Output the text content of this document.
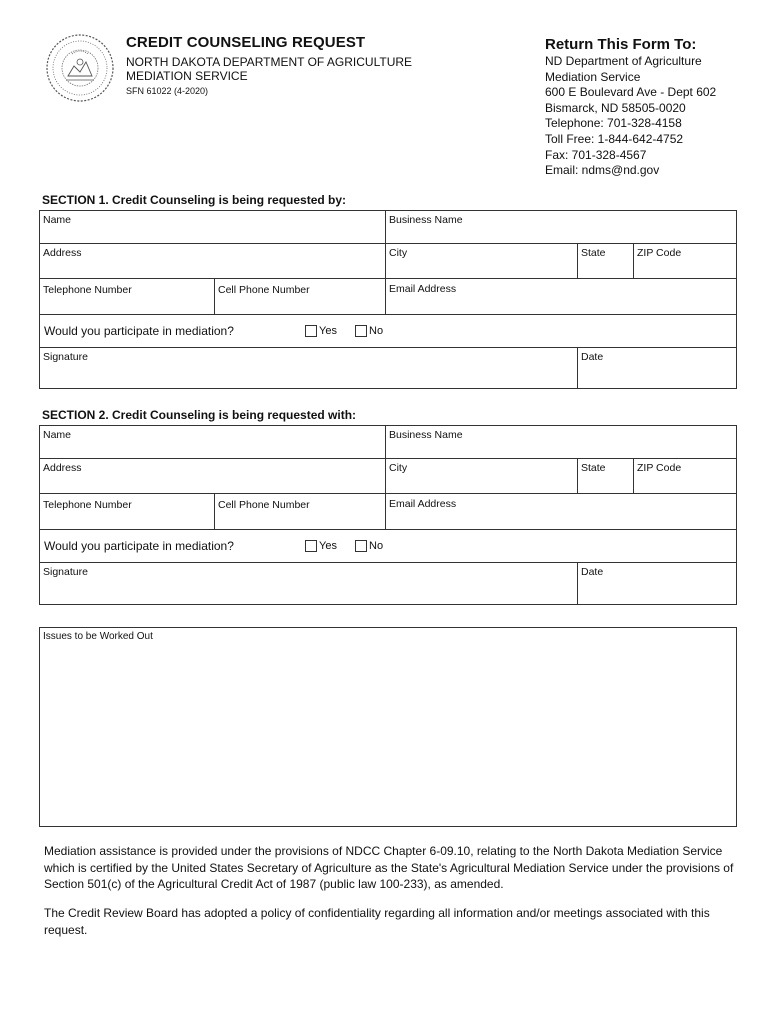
CREDIT COUNSELING REQUEST
NORTH DAKOTA DEPARTMENT OF AGRICULTURE
MEDIATION SERVICE
SFN 61022 (4-2020)
Return This Form To:
ND Department of Agriculture
Mediation Service
600 E Boulevard Ave - Dept 602
Bismarck, ND 58505-0020
Telephone: 701-328-4158
Toll Free: 1-844-642-4752
Fax: 701-328-4567
Email: ndms@nd.gov
SECTION 1. Credit Counseling is being requested by:
Name	Business Name
Address	City	State	ZIP Code
Telephone Number	Cell Phone Number	Email Address
Would you participate in mediation?	Yes	No
Signature	Date
SECTION 2. Credit Counseling is being requested with:
Name	Business Name
Address	City	State	ZIP Code
Telephone Number	Cell Phone Number	Email Address
Would you participate in mediation?	Yes	No
Signature	Date
Issues to be Worked Out
Mediation assistance is provided under the provisions of NDCC Chapter 6-09.10, relating to the North Dakota Mediation Service which is certified by the United States Secretary of Agriculture as the State's Agricultural Mediation Service under the provisions of Section 501(c) of the Agricultural Credit Act of 1987 (public law 100-233), as amended.
The Credit Review Board has adopted a policy of confidentiality regarding all information and/or meetings associated with this request.
